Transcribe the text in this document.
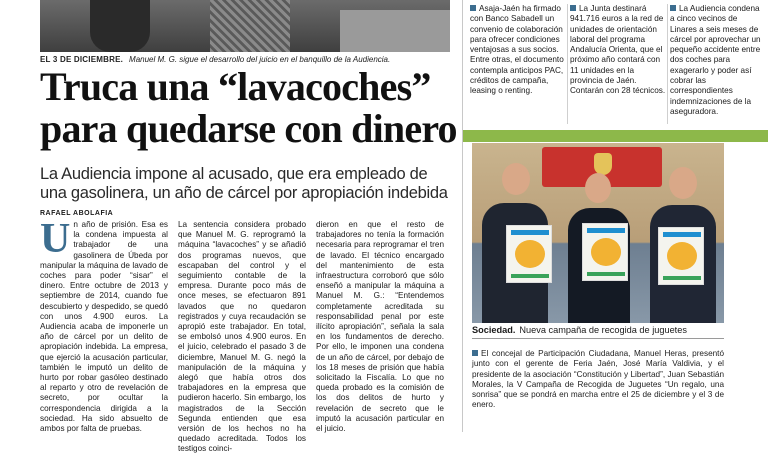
EL 3 DE DICIEMBRE. Manuel M. G. sigue el desarrollo del juicio en el banquillo de la Audiencia.
Truca una “lavacoches”
para quedarse con dinero
La Audiencia impone al acusado, que era empleado de
una gasolinera, un año de cárcel por apropiación indebida
RAFAEL ABOLAFIA
U n año de prisión. Esa es la condena impuesta al trabajador de una gasolinera de Úbeda por manipular la máquina de lavado de coches para poder “sisar” el dinero. Entre octubre de 2013 y septiembre de 2014, cuando fue descubierto y despedido, se quedó con unos 4.900 euros. La Audiencia acaba de imponerle un año de cárcel por un delito de apropiación indebida. La empresa, que ejerció la acusación particular, también le imputó un delito de hurto por robar gasóleo destinado al reparto y otro de revelación de secreto, por ocultar la correspondencia dirigida a la sociedad. Ha sido absuelto de ambos por falta de pruebas.

La sentencia considera probado que Manuel M. G. reprogramó la máquina “lavacoches” y se añadió dos programas nuevos, que escapaban del control y el seguimiento contable de la empresa. Durante poco más de once meses, se efectuaron 891 lavados que no quedaron registrados y cuya recaudación se apropió este trabajador. En total, se embolsó unos 4.900 euros. En el juicio, celebrado el pasado 3 de diciembre, Manuel M. G. negó la manipulación de la máquina y alegó que había otros dos trabajadores en la empresa que pudieron hacerlo. Sin embargo, los magistrados de la Sección Segunda entienden que esa versión de los hechos no ha quedado acreditada. Todos los testigos coinci-

dieron en que el resto de trabajadores no tenía la formación necesaria para reprogramar el tren de lavado. El técnico encargado del mantenimiento de esta infraestructura corroboró que sólo enseñó a manipular la máquina a Manuel M. G.: “Entendemos completamente acreditada su responsabilidad penal por este ilícito apropiación”, señala la sala en los fundamentos de derecho. Por ello, le imponen una condena de un año de cárcel, por debajo de los 18 meses de prisión que había solicitado la Fiscalía. Lo que no queda probado es la comisión de los dos delitos de hurto y revelación de secreto que le imputó la acusación particular en el juicio.

Asaja-Jaén ha firmado con Banco Sabadell un convenio de colaboración para ofrecer condiciones ventajosas a sus socios. Entre otras, el documento contempla anticipos PAC, créditos de campaña, leasing o renting.
La Junta destinará 941.716 euros a la red de unidades de orientación laboral del programa Andalucía Orienta, que el próximo año contará con 11 unidades en la provincia de Jaén. Contarán con 28 técnicos.
La Audiencia condena a cinco vecinos de Linares a seis meses de cárcel por aprovechar un pequeño accidente entre dos coches para exagerarlo y poder así cobrar las correspondientes indemnizaciones de la aseguradora.
Sociedad. Nueva campaña de recogida de juguetes
El concejal de Participación Ciudadana, Manuel Heras, presentó junto con el gerente de Feria Jaén, José María Valdivia, y el presidente de la asociación “Constitución y Libertad”, Juan Sebastián Morales, la V Campaña de Recogida de Juguetes “Un regalo, una sonrisa” que se pondrá en marcha entre el 25 de diciembre y el 3 de enero.
